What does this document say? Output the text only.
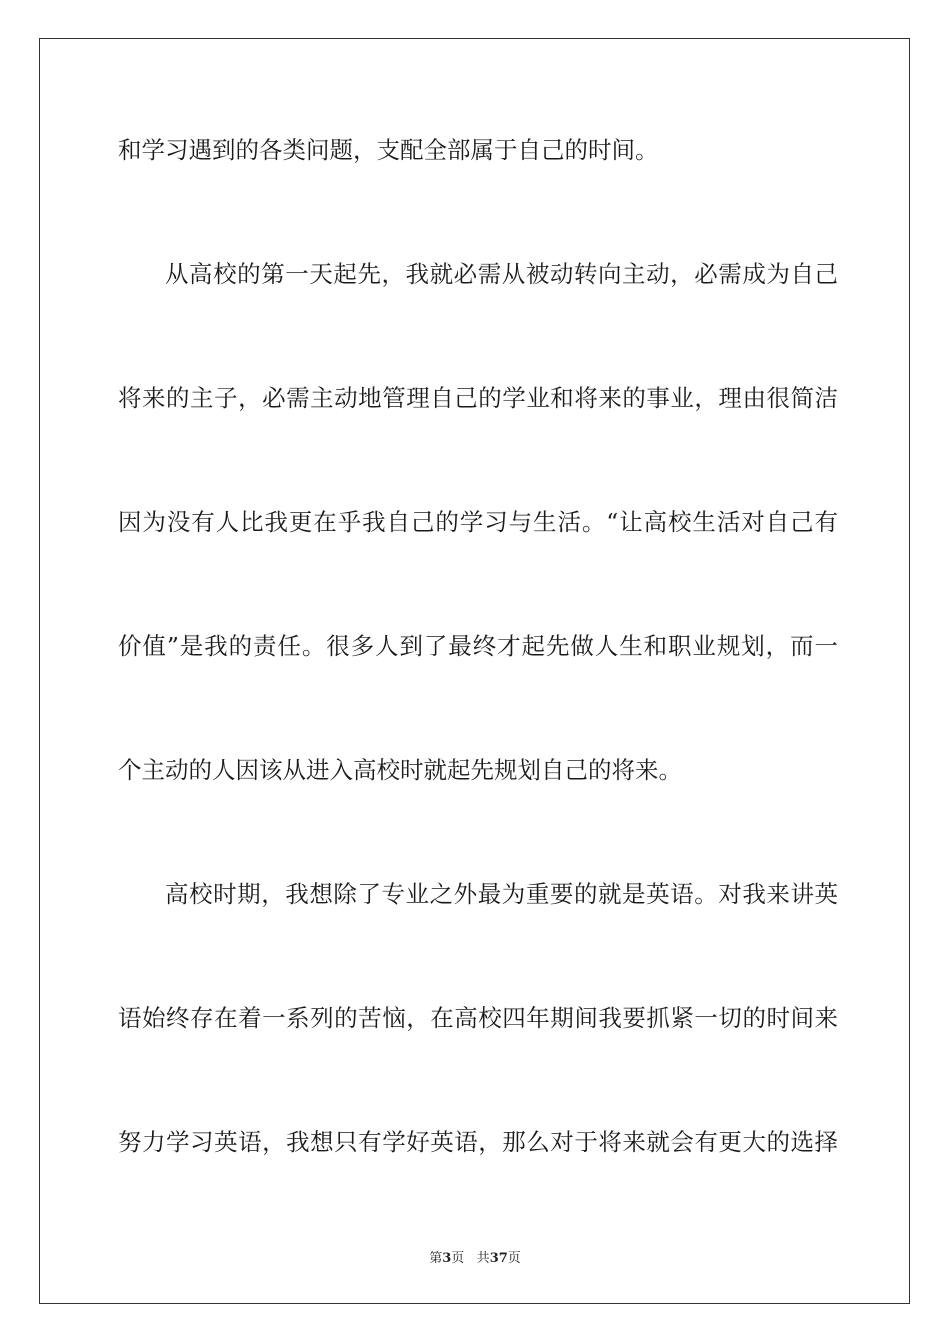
和学习遇到的各类问题，支配全部属于自己的时间。

从高校的第一天起先，我就必需从被动转向主动，必需成为自己

将来的主子，必需主动地管理自己的学业和将来的事业，理由很简洁

因为没有人比我更在乎我自己的学习与生活。“让高校生活对自己有

价值”是我的责任。很多人到了最终才起先做人生和职业规划，而一

个主动的人因该从进入高校时就起先规划自己的将来。

高校时期，我想除了专业之外最为重要的就是英语。对我来讲英

语始终存在着一系列的苦恼，在高校四年期间我要抓紧一切的时间来

努力学习英语，我想只有学好英语，那么对于将来就会有更大的选择

第3页 共37页
